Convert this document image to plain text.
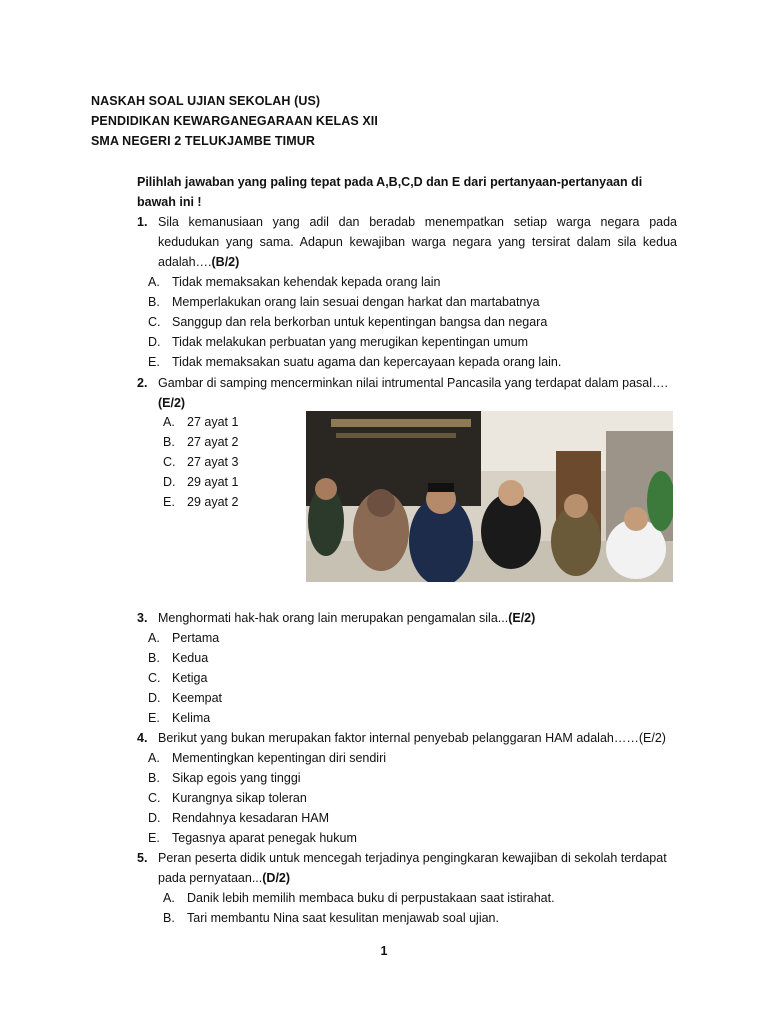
NASKAH SOAL UJIAN SEKOLAH (US)
PENDIDIKAN KEWARGANEGARAAN KELAS XII
SMA NEGERI 2 TELUKJAMBE TIMUR
Pilihlah jawaban yang paling tepat pada A,B,C,D dan E dari pertanyaan-pertanyaan di bawah ini !
1. Sila kemanusiaan yang adil dan beradab menempatkan setiap warga negara pada kedudukan yang sama. Adapun kewajiban warga negara yang tersirat dalam sila kedua adalah….(B/2)
A. Tidak memaksakan kehendak kepada orang lain
B. Memperlakukan orang lain sesuai dengan harkat dan martabatnya
C. Sanggup dan rela berkorban untuk kepentingan bangsa dan negara
D. Tidak melakukan perbuatan yang merugikan kepentingan umum
E. Tidak memaksakan suatu agama dan kepercayaan kepada orang lain.
2. Gambar di samping mencerminkan nilai intrumental Pancasila yang terdapat dalam pasal….
(E/2)
A. 27 ayat 1
B. 27 ayat 2
C. 27 ayat 3
D. 29 ayat 1
E. 29 ayat 2
3. Menghormati hak-hak orang lain merupakan pengamalan sila...(E/2)
A. Pertama
B. Kedua
C. Ketiga
D. Keempat
E. Kelima
4. Berikut yang bukan merupakan faktor internal penyebab pelanggaran HAM adalah……(E/2)
A. Mementingkan kepentingan diri sendiri
B. Sikap egois yang tinggi
C. Kurangnya sikap toleran
D. Rendahnya kesadaran HAM
E. Tegasnya aparat penegak hukum
5. Peran peserta didik untuk mencegah terjadinya pengingkaran kewajiban di sekolah terdapat pada pernyataan...(D/2)
A. Danik lebih memilih membaca buku di perpustakaan saat istirahat.
B. Tari membantu Nina saat kesulitan menjawab soal ujian.
1
